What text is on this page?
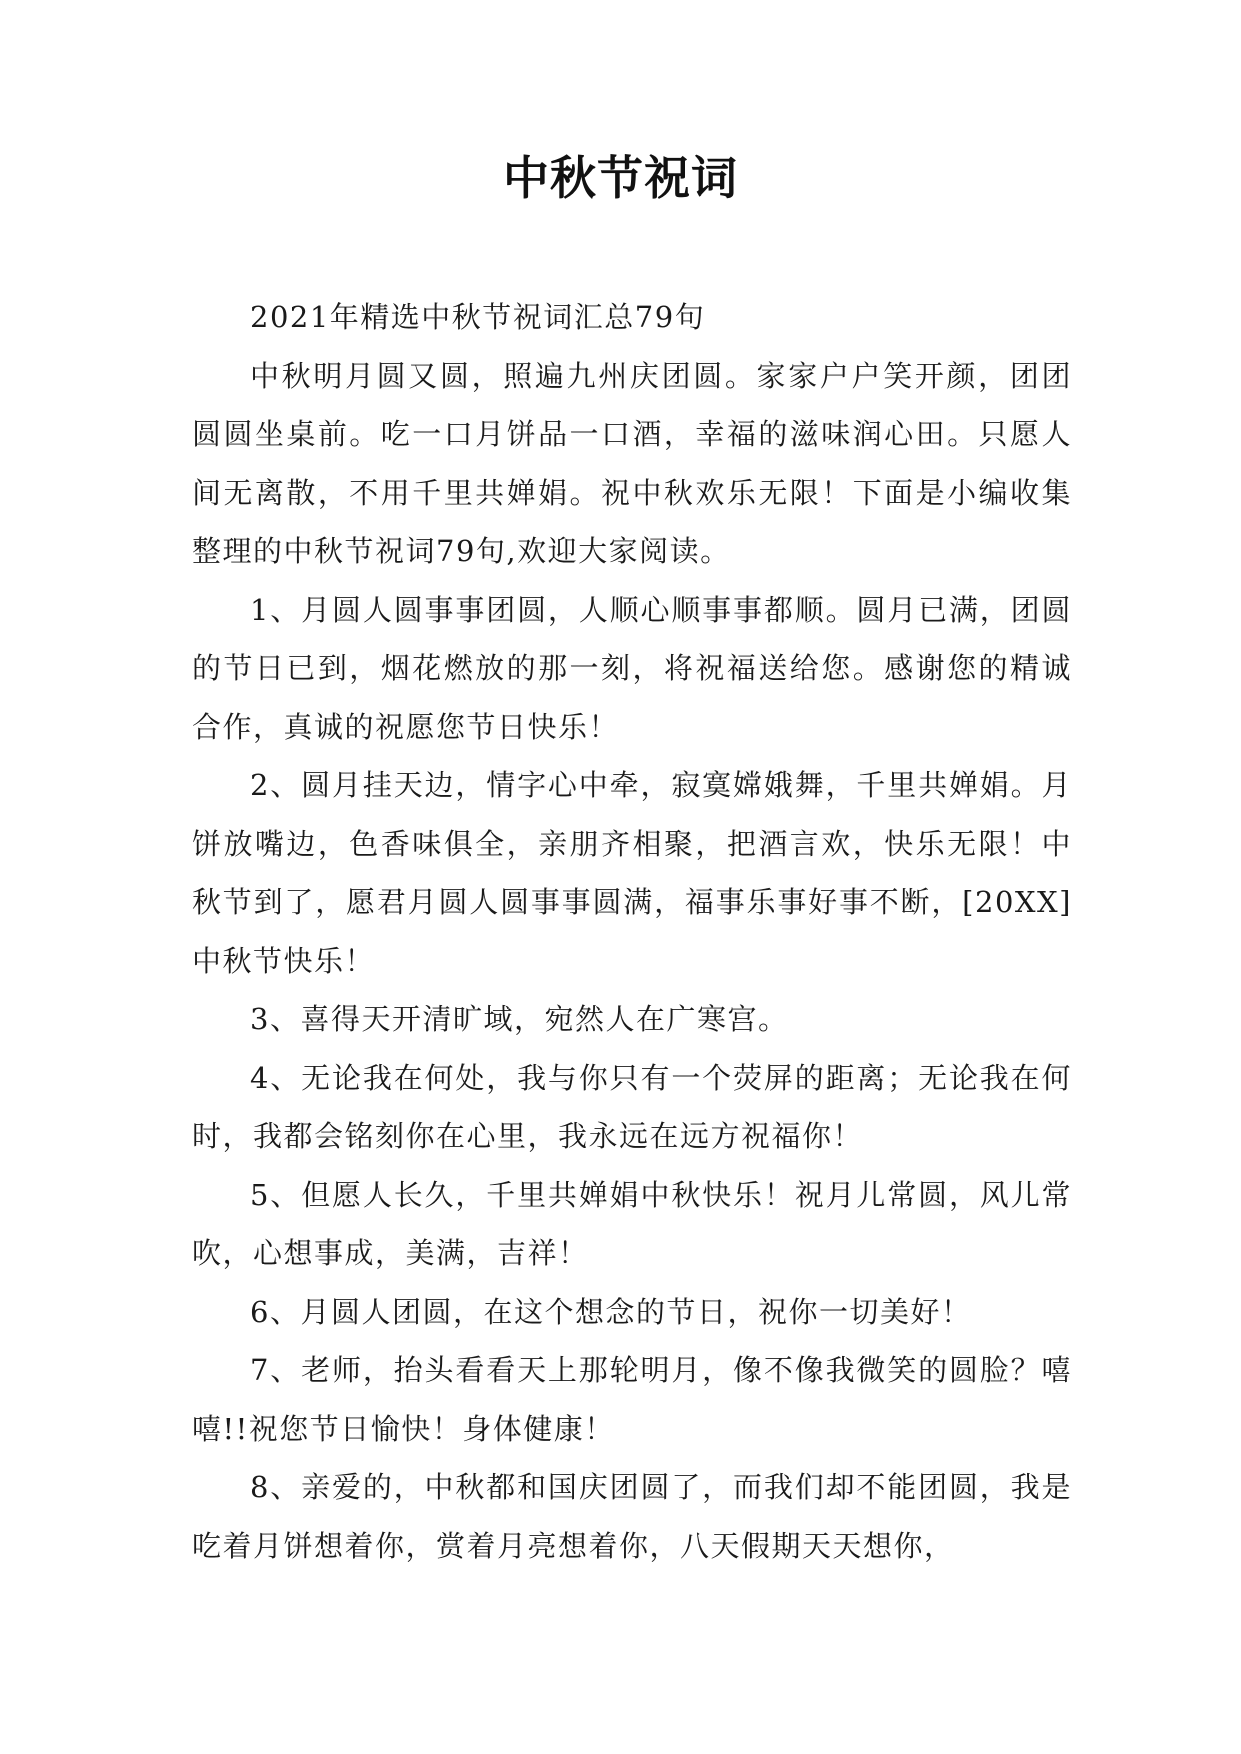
中秋节祝词

2021年精选中秋节祝词汇总79句

中秋明月圆又圆，照遍九州庆团圆。家家户户笑开颜，团团圆圆坐桌前。吃一口月饼品一口酒，幸福的滋味润心田。只愿人间无离散，不用千里共婵娟。祝中秋欢乐无限！下面是小编收集整理的中秋节祝词79句,欢迎大家阅读。

1、月圆人圆事事团圆，人顺心顺事事都顺。圆月已满，团圆的节日已到，烟花燃放的那一刻，将祝福送给您。感谢您的精诚合作，真诚的祝愿您节日快乐！

2、圆月挂天边，情字心中牵，寂寞嫦娥舞，千里共婵娟。月饼放嘴边，色香味俱全，亲朋齐相聚，把酒言欢，快乐无限！中秋节到了，愿君月圆人圆事事圆满，福事乐事好事不断，[20XX]中秋节快乐！

3、喜得天开清旷域，宛然人在广寒宫。

4、无论我在何处，我与你只有一个荧屏的距离；无论我在何时，我都会铭刻你在心里，我永远在远方祝福你！

5、但愿人长久，千里共婵娟中秋快乐！祝月儿常圆，风儿常吹，心想事成，美满，吉祥！

6、月圆人团圆，在这个想念的节日，祝你一切美好！

7、老师，抬头看看天上那轮明月，像不像我微笑的圆脸？嘻嘻!!祝您节日愉快！身体健康！

8、亲爱的，中秋都和国庆团圆了，而我们却不能团圆，我是吃着月饼想着你，赏着月亮想着你，八天假期天天想你，
